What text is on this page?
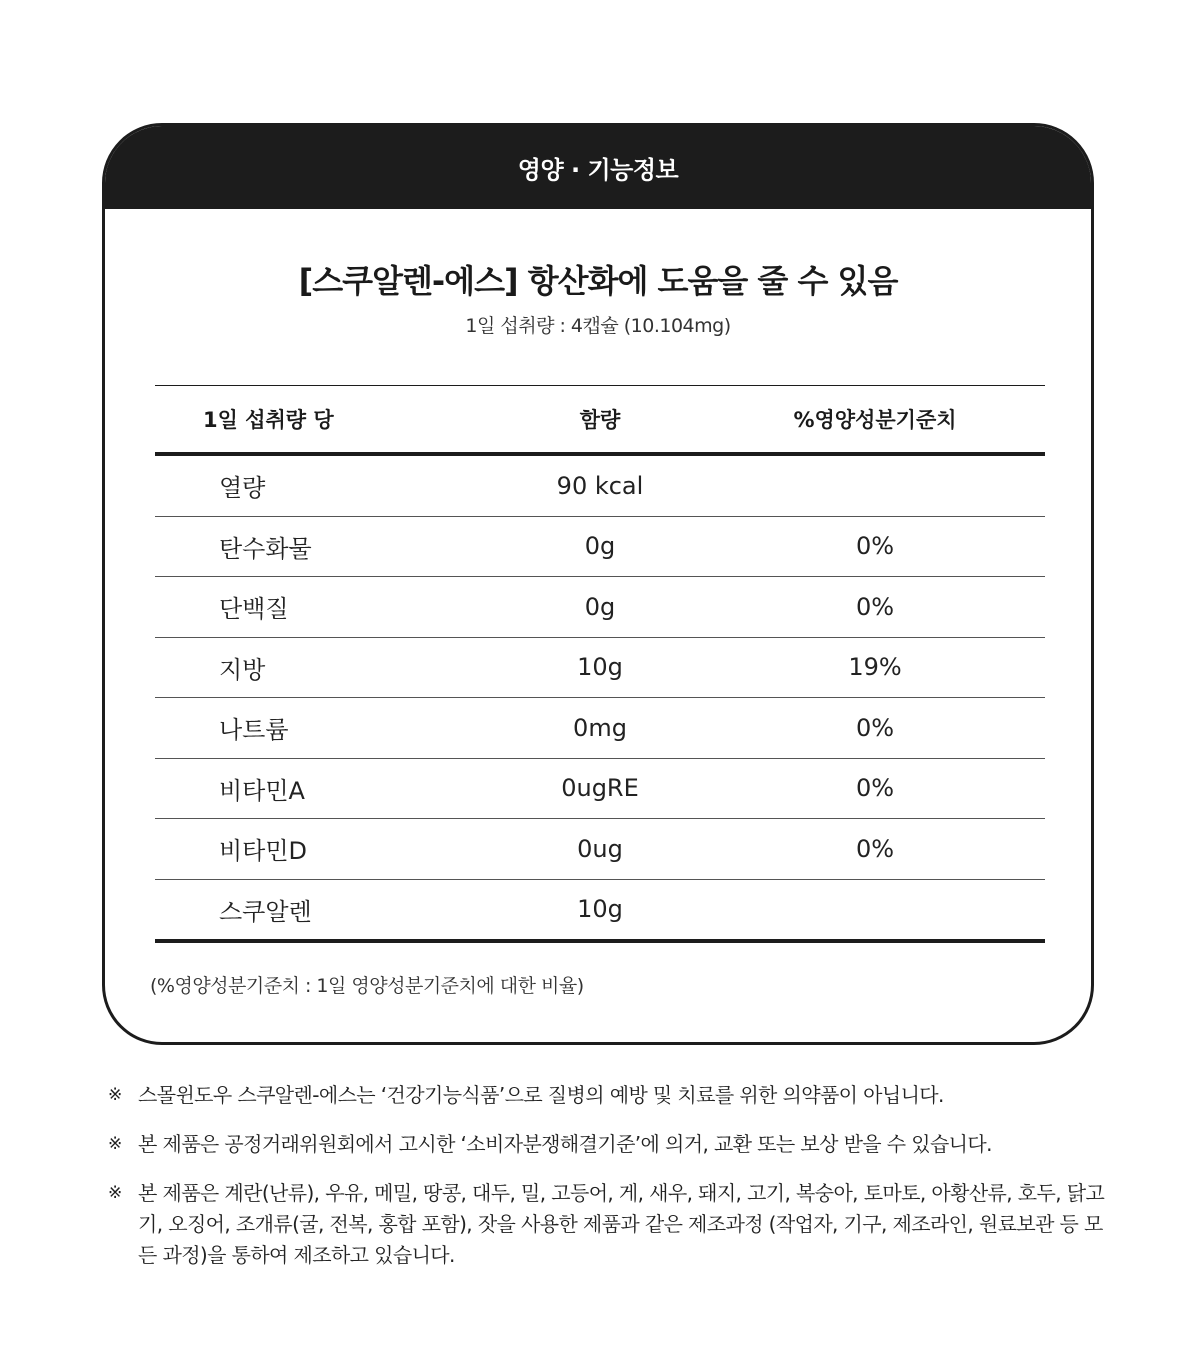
영양 · 기능정보
[스쿠알렌-에스] 항산화에 도움을 줄 수 있음
1일 섭취량 : 4캡슐 (10.104mg)
1일 섭취량 당	함량	%영양성분기준치
열량	90 kcal
탄수화물	0g	0%
단백질	0g	0%
지방	10g	19%
나트륨	0mg	0%
비타민A	0ugRE	0%
비타민D	0ug	0%
스쿠알렌	10g
(%영양성분기준치 : 1일 영양성분기준치에 대한 비율)
※ 스몰윈도우 스쿠알렌-에스는 ‘건강기능식품’으로 질병의 예방 및 치료를 위한 의약품이 아닙니다.
※ 본 제품은 공정거래위원회에서 고시한 ‘소비자분쟁해결기준’에 의거, 교환 또는 보상 받을 수 있습니다.
※ 본 제품은 계란(난류), 우유, 메밀, 땅콩, 대두, 밀, 고등어, 게, 새우, 돼지, 고기, 복숭아, 토마토, 아황산류, 호두, 닭고기, 오징어, 조개류(굴, 전복, 홍합 포함), 잣을 사용한 제품과 같은 제조과정 (작업자, 기구, 제조라인, 원료보관 등 모든 과정)을 통하여 제조하고 있습니다.
